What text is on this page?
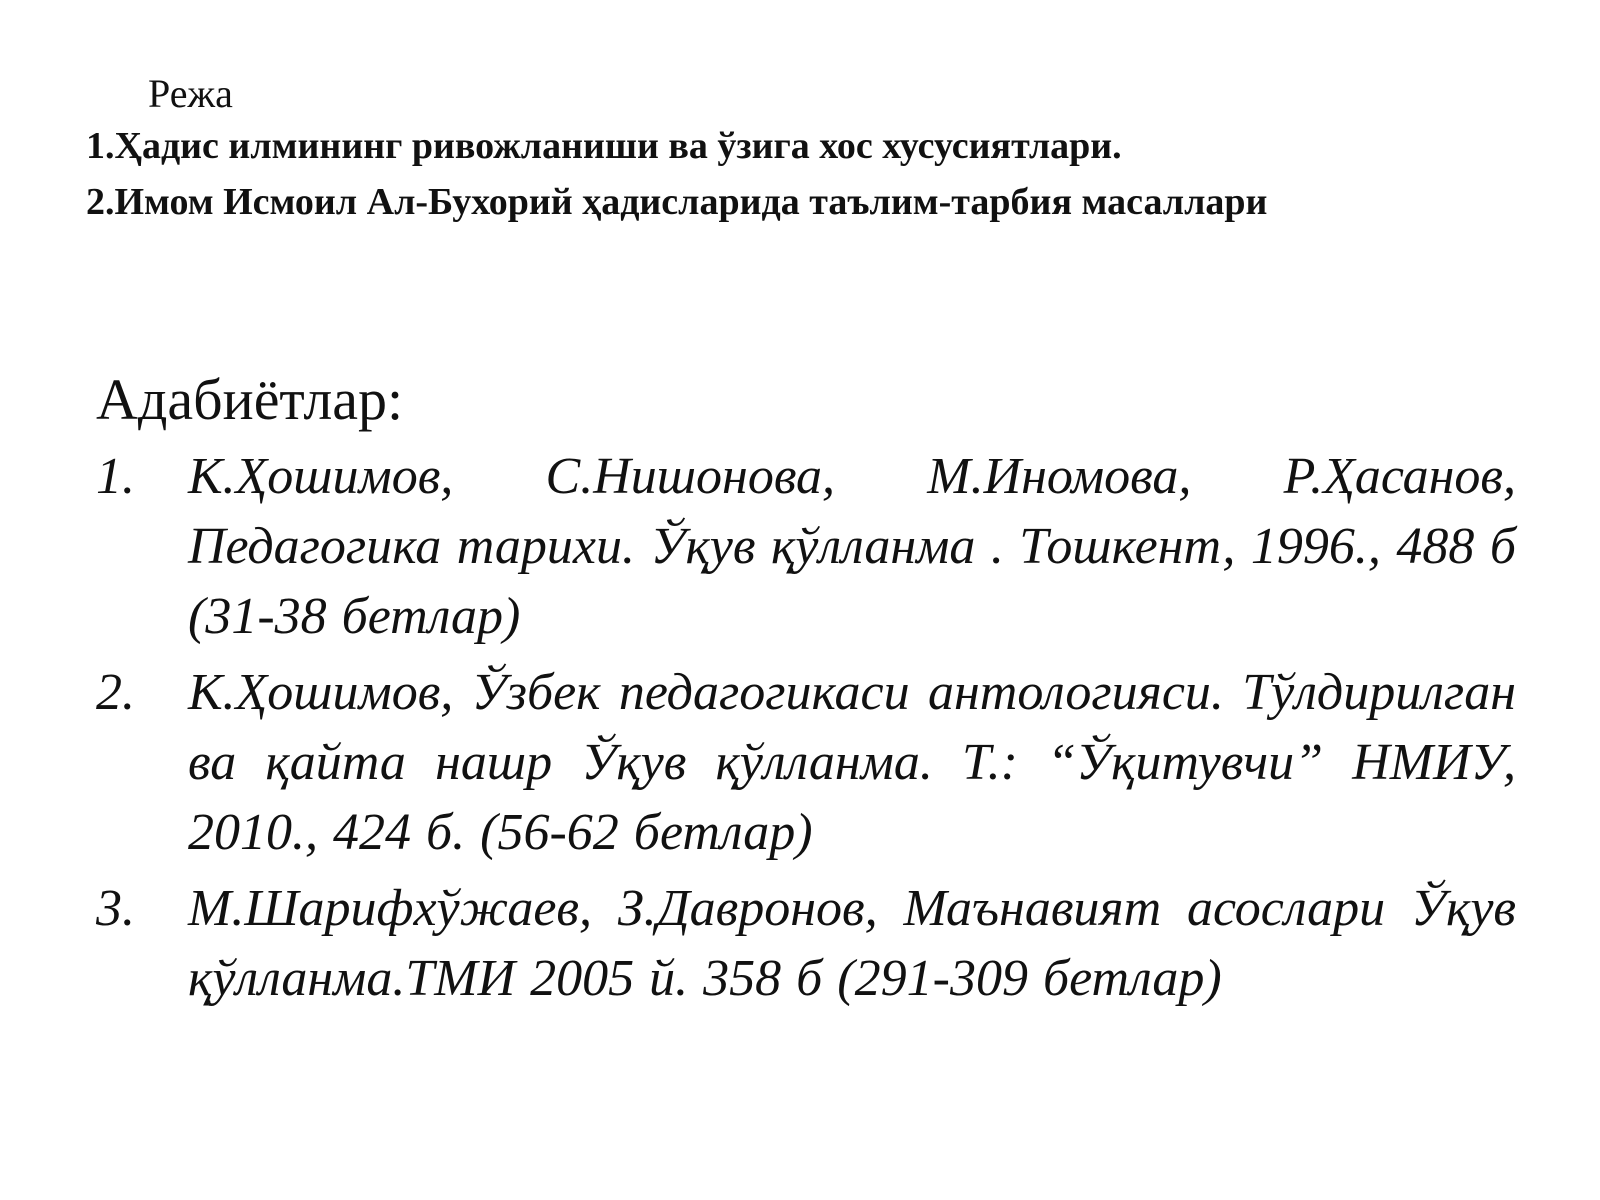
Режа

1.Ҳадис илмининг ривожланиши ва ўзига хос хусусиятлари.

2.Имом Исмоил Ал-Бухорий ҳадисларида таълим-тарбия масаллари

Адабиётлар:

1.	К.Ҳошимов, С.Нишонова, М.Иномова, Р.Ҳасанов, Педагогика тарихи. Ўқув қўлланма . Тошкент, 1996., 488 б (31-38 бетлар)
2.	К.Ҳошимов, Ўзбек педагогикаси антологияси. Тўлдирилган ва қайта нашр Ўқув қўлланма. Т.: “Ўқитувчи” НМИУ, 2010., 424 б. (56-62 бетлар)
3.	М.Шарифхўжаев, З.Давронов, Маънавият асослари Ўқув қўлланма.ТМИ 2005 й. 358 б (291-309 бетлар)
